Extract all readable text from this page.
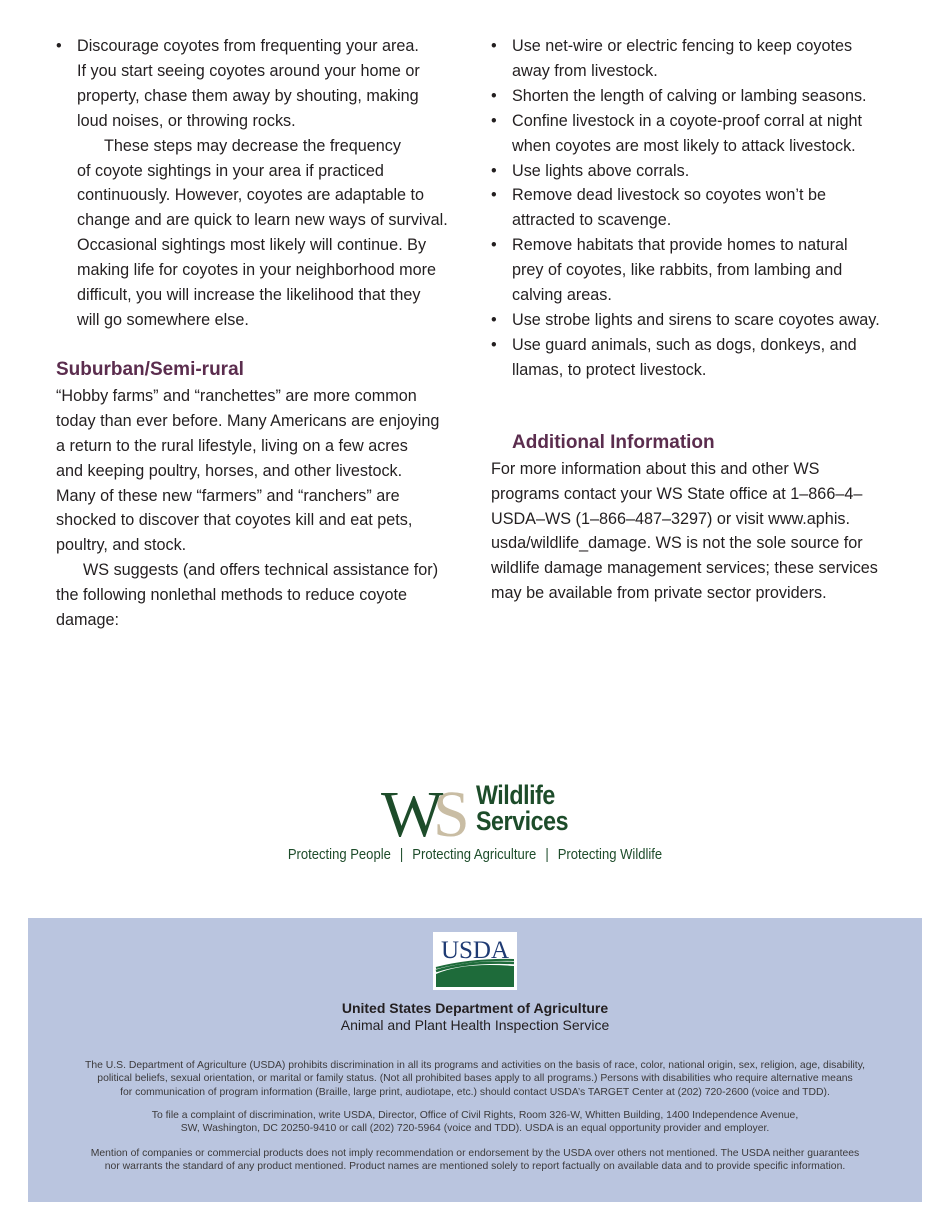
• Discourage coyotes from frequenting your area.
If you start seeing coyotes around your home or
property, chase them away by shouting, making
loud noises, or throwing rocks.
These steps may decrease the frequency
of coyote sightings in your area if practiced
continuously. However, coyotes are adaptable to
change and are quick to learn new ways of survival.
Occasional sightings most likely will continue. By
making life for coyotes in your neighborhood more
difficult, you will increase the likelihood that they
will go somewhere else.
Suburban/Semi-rural
“Hobby farms” and “ranchettes” are more common
today than ever before. Many Americans are enjoying
a return to the rural lifestyle, living on a few acres
and keeping poultry, horses, and other livestock.
Many of these new “farmers” and “ranchers” are
shocked to discover that coyotes kill and eat pets,
poultry, and stock.
WS suggests (and offers technical assistance for)
the following nonlethal methods to reduce coyote
damage:
• Use net-wire or electric fencing to keep coyotes
away from livestock.
• Shorten the length of calving or lambing seasons.
• Confine livestock in a coyote-proof corral at night
when coyotes are most likely to attack livestock.
• Use lights above corrals.
• Remove dead livestock so coyotes won’t be
attracted to scavenge.
• Remove habitats that provide homes to natural
prey of coyotes, like rabbits, from lambing and
calving areas.
• Use strobe lights and sirens to scare coyotes away.
• Use guard animals, such as dogs, donkeys, and
llamas, to protect livestock.
Additional Information
For more information about this and other WS
programs contact your WS State office at 1–866–4–
USDA–WS (1–866–487–3297) or visit www.aphis.
usda/wildlife_damage. WS is not the sole source for
wildlife damage management services; these services
may be available from private sector providers.
S
W Wildlife
Services
Protecting People | Protecting Agriculture | Protecting Wildlife
USDA
United States Department of Agriculture
Animal and Plant Health Inspection Service
The U.S. Department of Agriculture (USDA) prohibits discrimination in all its programs and activities on the basis of race, color, national origin, sex, religion, age, disability,
political beliefs, sexual orientation, or marital or family status. (Not all prohibited bases apply to all programs.) Persons with disabilities who require alternative means
for communication of program information (Braille, large print, audiotape, etc.) should contact USDA’s TARGET Center at (202) 720-2600 (voice and TDD).
To file a complaint of discrimination, write USDA, Director, Office of Civil Rights, Room 326-W, Whitten Building, 1400 Independence Avenue,
SW, Washington, DC 20250-9410 or call (202) 720-5964 (voice and TDD). USDA is an equal opportunity provider and employer.
Mention of companies or commercial products does not imply recommendation or endorsement by the USDA over others not mentioned. The USDA neither guarantees
nor warrants the standard of any product mentioned. Product names are mentioned solely to report factually on available data and to provide specific information.
